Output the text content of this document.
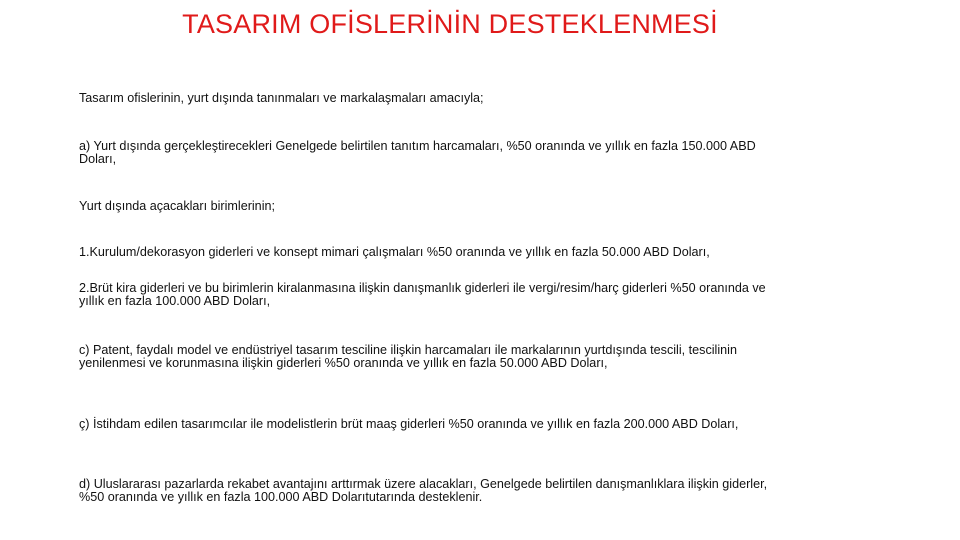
TASARIM OFİSLERİNİN DESTEKLENMESİ

Tasarım ofislerinin, yurt dışında tanınmaları ve markalaşmaları amacıyla;

a) Yurt dışında gerçekleştirecekleri Genelgede belirtilen tanıtım harcamaları, %50 oranında ve yıllık en fazla 150.000 ABD Doları,

Yurt dışında açacakları birimlerinin;

1.Kurulum/dekorasyon giderleri ve konsept mimari çalışmaları %50 oranında ve yıllık en fazla 50.000 ABD Doları,

2.Brüt kira giderleri ve bu birimlerin kiralanmasına ilişkin danışmanlık giderleri ile vergi/resim/harç giderleri %50 oranında ve yıllık en fazla 100.000 ABD Doları,

c) Patent, faydalı model ve endüstriyel tasarım tesciline ilişkin harcamaları ile markalarının yurtdışında tescili, tescilinin yenilenmesi ve korunmasına ilişkin giderleri %50 oranında ve yıllık en fazla 50.000 ABD Doları,

ç) İstihdam edilen tasarımcılar ile modelistlerin brüt maaş giderleri %50 oranında ve yıllık en fazla 200.000 ABD Doları,

d) Uluslararası pazarlarda rekabet avantajını arttırmak üzere alacakları, Genelgede belirtilen danışmanlıklara ilişkin giderler, %50 oranında ve yıllık en fazla 100.000 ABD Dolarıtutarında desteklenir.
